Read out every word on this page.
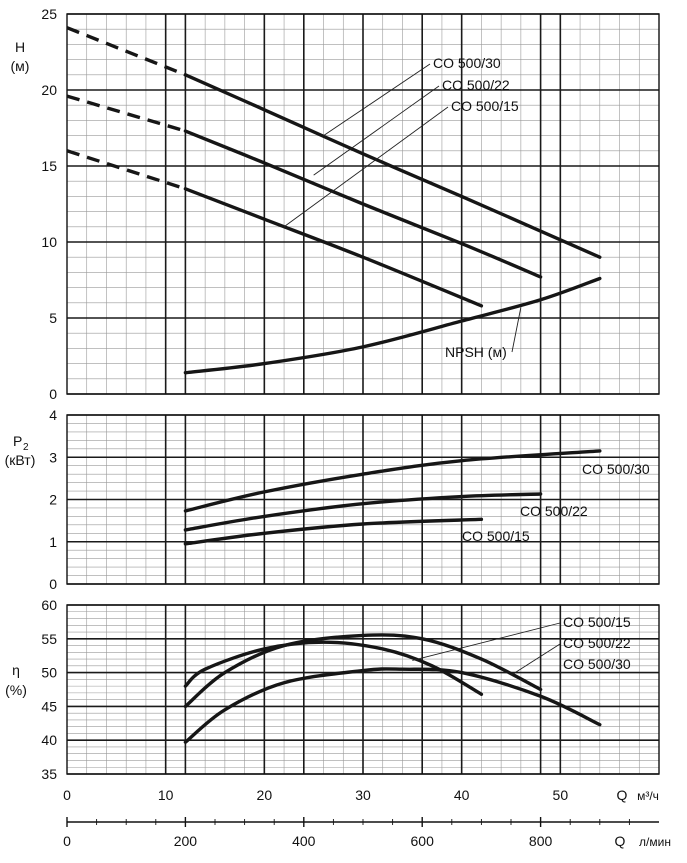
0
5
10
15
20
25
0
1
2
3
4
35
40
45
50
55
60
H
(м)
P 2
(кВт)
η
(%)
Q м³/ч
Q л/мин
CO 500/30
CO 500/22
CO 500/15
NPSH (м)
CO 500/30
CO 500/22
CO 500/15
CO 500/15
CO 500/22
CO 500/30
0	10	20	30	40	50
0	200	400	600	800
